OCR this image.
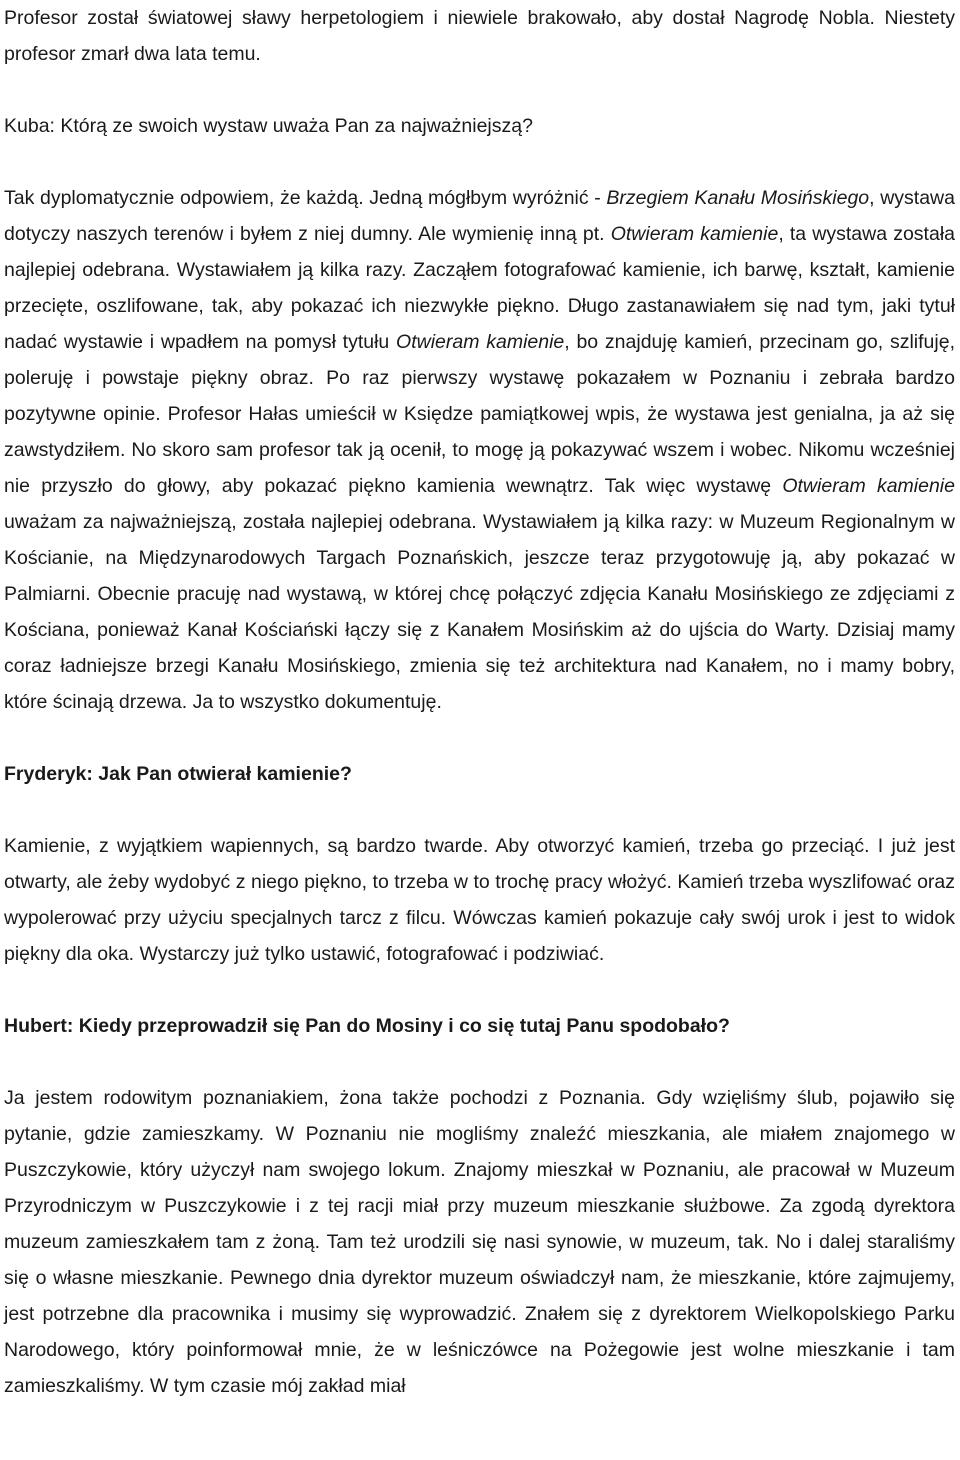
Profesor został światowej sławy herpetologiem i niewiele brakowało, aby dostał Nagrodę Nobla. Niestety profesor zmarł dwa lata temu.

Kuba: Którą ze swoich wystaw uważa Pan za najważniejszą?

Tak dyplomatycznie odpowiem, że każdą. Jedną mógłbym wyróżnić - Brzegiem Kanału Mosińskiego, wystawa dotyczy naszych terenów i byłem z niej dumny. Ale wymienię inną pt. Otwieram kamienie, ta wystawa została najlepiej odebrana. Wystawiałem ją kilka razy. Zacząłem fotografować kamienie, ich barwę, kształt, kamienie przecięte, oszlifowane, tak, aby pokazać ich niezwykłe piękno. Długo zastanawiałem się nad tym, jaki tytuł nadać wystawie i wpadłem na pomysł tytułu Otwieram kamienie, bo znajduję kamień, przecinam go, szlifuję, poleruję i powstaje piękny obraz. Po raz pierwszy wystawę pokazałem w Poznaniu i zebrała bardzo pozytywne opinie. Profesor Hałas umieścił w Księdze pamiątkowej wpis, że wystawa jest genialna, ja aż się zawstydziłem. No skoro sam profesor tak ją ocenił, to mogę ją pokazywać wszem i wobec. Nikomu wcześniej nie przyszło do głowy, aby pokazać piękno kamienia wewnątrz. Tak więc wystawę Otwieram kamienie uważam za najważniejszą, została najlepiej odebrana. Wystawiałem ją kilka razy: w Muzeum Regionalnym w Kościanie, na Międzynarodowych Targach Poznańskich, jeszcze teraz przygotowuję ją, aby pokazać w Palmiarni. Obecnie pracuję nad wystawą, w której chcę połączyć zdjęcia Kanału Mosińskiego ze zdjęciami z Kościana, ponieważ Kanał Kościański łączy się z Kanałem Mosińskim aż do ujścia do Warty. Dzisiaj mamy coraz ładniejsze brzegi Kanału Mosińskiego, zmienia się też architektura nad Kanałem, no i mamy bobry, które ścinają drzewa. Ja to wszystko dokumentuję.

Fryderyk: Jak Pan otwierał kamienie?

Kamienie, z wyjątkiem wapiennych, są bardzo twarde. Aby otworzyć kamień, trzeba go przeciąć. I już jest otwarty, ale żeby wydobyć z niego piękno, to trzeba w to trochę pracy włożyć. Kamień trzeba wyszlifować oraz wypolerować przy użyciu specjalnych tarcz z filcu. Wówczas kamień pokazuje cały swój urok i jest to widok piękny dla oka. Wystarczy już tylko ustawić, fotografować i podziwiać.

Hubert: Kiedy przeprowadził się Pan do Mosiny i co się tutaj Panu spodobało?

Ja jestem rodowitym poznaniakiem, żona także pochodzi z Poznania. Gdy wzięliśmy ślub, pojawiło się pytanie, gdzie zamieszkamy. W Poznaniu nie mogliśmy znaleźć mieszkania, ale miałem znajomego w Puszczykowie, który użyczył nam swojego lokum. Znajomy mieszkał w Poznaniu, ale pracował w Muzeum Przyrodniczym w Puszczykowie i z tej racji miał przy muzeum mieszkanie służbowe. Za zgodą dyrektora muzeum zamieszkałem tam z żoną. Tam też urodzili się nasi synowie, w muzeum, tak. No i dalej staraliśmy się o własne mieszkanie. Pewnego dnia dyrektor muzeum oświadczył nam, że mieszkanie, które zajmujemy, jest potrzebne dla pracownika i musimy się wyprowadzić. Znałem się z dyrektorem Wielkopolskiego Parku Narodowego, który poinformował mnie, że w leśniczówce na Pożegowie jest wolne mieszkanie i tam zamieszkaliśmy. W tym czasie mój zakład miał
